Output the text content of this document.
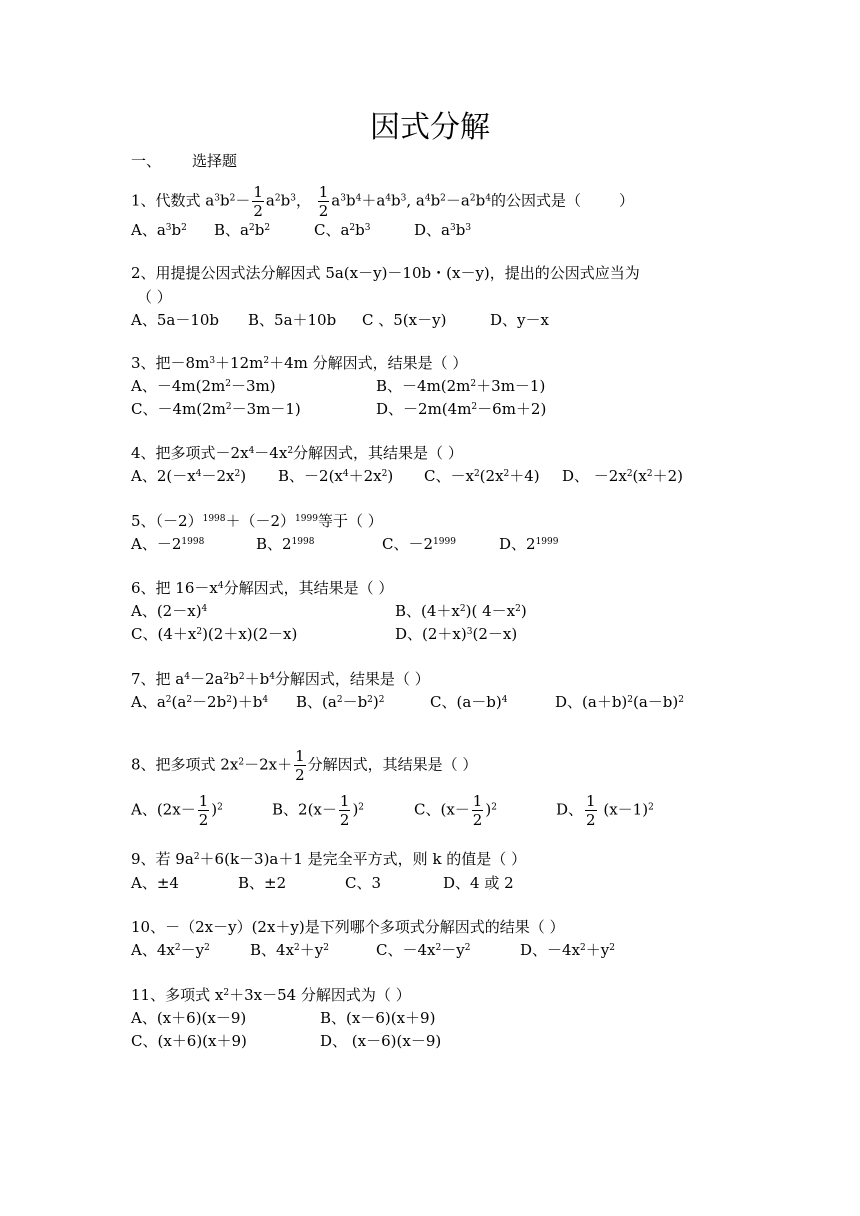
因式分解
一、 选择题
1、代数式 $a^3b^2- \frac{1}{2} a^2b^3$， $\frac{1}{2} a^3b^4+a^4b^3$, $a^4b^2-a^2b^4$的公因式是（	）
A、$a^3b^2$ B、$a^2b^2$	C、$a^2b^3$	D、$a^3b^3$
2、用提提公因式法分解因式 5a(x－y)－10b・(x－y)，提出的公因式应当为
（ ）
A、5a－10b B、5a＋10b C 、5(x－y)	D、y－x
3、把$-8m^3+12m^2+4m$ 分解因式，结果是（ ）
A、$-4m(2m^2-3m)$	B、$-4m(2m^2+3m-1)$
C、$-4m(2m^2-3m-1)$	D、$-2m(4m^2-6m+2)$
4、把多项式$-2x^4-4x^2$分解因式，其结果是（ ）
A、$2(-x^4-2x^2)$ B、$-2(x^4+2x^2)$ C、$-x^2(2x^2+4)$ D、 $-2x^2(x^2+2)$
5、$(-2)^{1998}+(-2)^{1999}$等于（ ）
A、$-2^{1998}$	B、$2^{1998}$	C、$-2^{1999}$	D、$2^{1999}$
6、把 $16-x^4$分解因式，其结果是（ ）
A、$(2-x)^4$	B、$(4+x^2)$( $4-x^2$)
C、$(4+x^2)(2+x)(2-x)$	D、$(2+x)^3(2-x)$
7、把 $a^4-2a^2b^2+b^4$分解因式，结果是（ ）
A、$a^2(a^2-2b^2)+b^4$ B、$(a^2-b^2)^2$	C、$(a-b)^4$	D、$(a+b)^2(a-b)^2$
8、把多项式 $2x^2-2x+ \frac{1}{2}$ 分解因式，其结果是（ ）
A、$(2x- \frac{1}{2} )^2$	B、$2(x- \frac{1}{2} )^2$	C、$(x- \frac{1}{2} )^2$	D、 $\frac{1}{2} (x-1)^2$
9、若 $9a^2+6(k-3)a+1$ 是完全平方式，则 k 的值是（ ）
A、±4	B、±2	C、3	D、4 或 2
10、－（2x－y）(2x＋y)是下列哪个多项式分解因式的结果（ ）
A、$4x^2-y^2$	B、$4x^2+y^2$	C、$-4x^2-y^2$	D、$-4x^2+y^2$
11、多项式 $x^2+3x-54$ 分解因式为（ ）
A、(x＋6)(x－9)	B、(x－6)(x＋9)
C、(x＋6)(x＋9)	D、 (x－6)(x－9)
